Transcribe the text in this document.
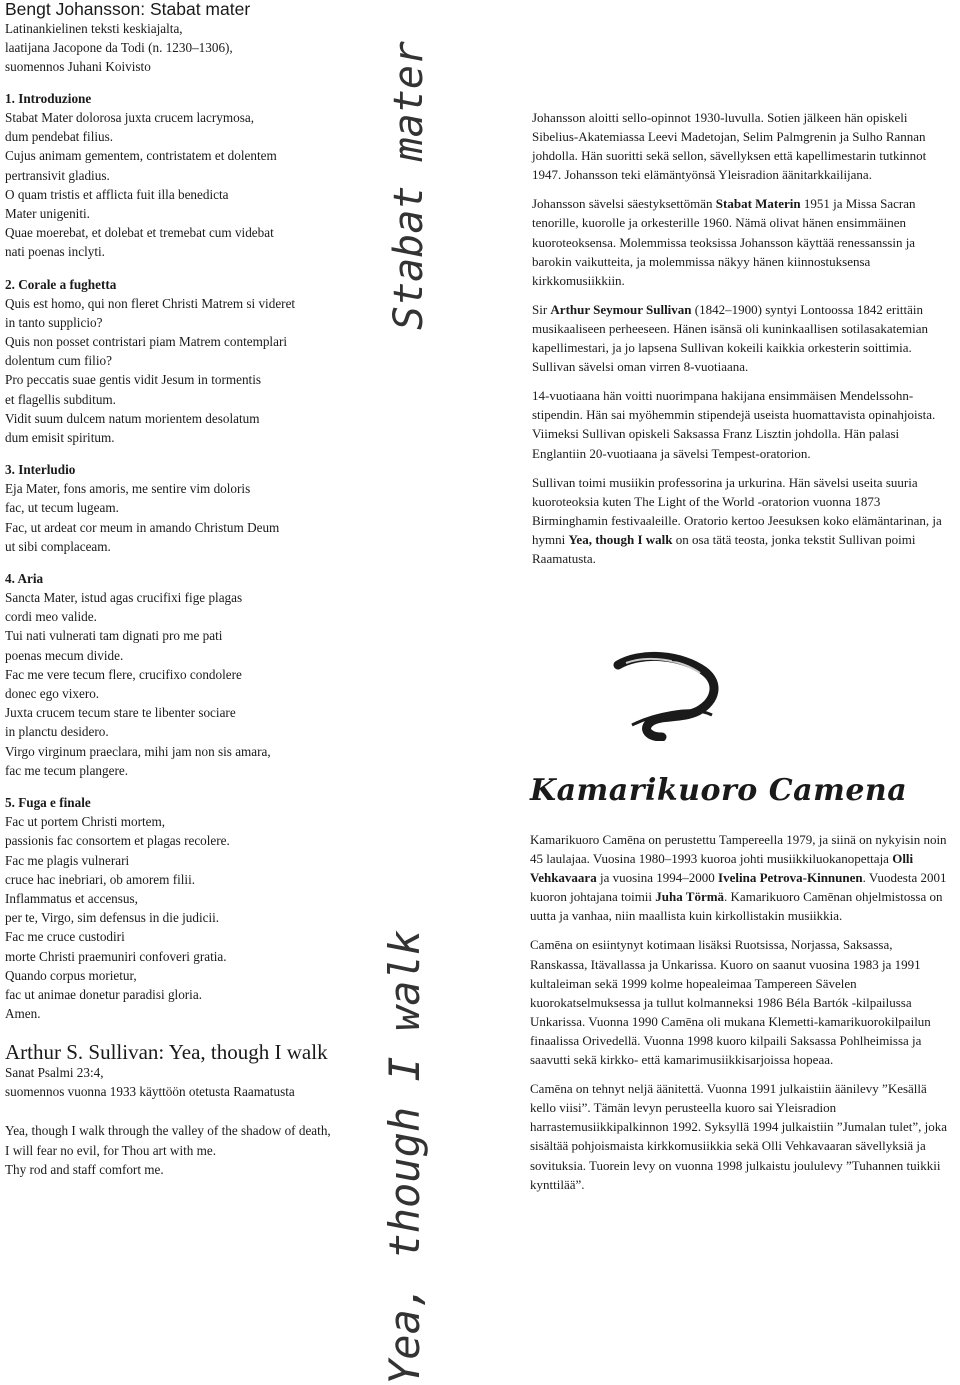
Bengt Johansson: Stabat mater

Latinankielinen teksti keskiajalta,

laatijana Jacopone da Todi (n. 1230–1306),

suomennos Juhani Koivisto

1. Introduzione

Stabat Mater dolorosa juxta crucem lacrymosa,

dum pendebat filius.

Cujus animam gementem, contristatem et dolentem

pertransivit gladius.

O quam tristis et afflicta fuit illa benedicta

Mater unigeniti.

Quae moerebat, et dolebat et tremebat cum videbat

nati poenas inclyti.

2. Corale a fughetta

Quis est homo, qui non fleret Christi Matrem si videret

in tanto supplicio?

Quis non posset contristari piam Matrem contemplari

dolentum cum filio?

Pro peccatis suae gentis vidit Jesum in tormentis

et flagellis subditum.

Vidit suum dulcem natum morientem desolatum

dum emisit spiritum.

3. Interludio

Eja Mater, fons amoris, me sentire vim doloris

fac, ut tecum lugeam.

Fac, ut ardeat cor meum in amando Christum Deum

ut sibi complaceam.

4. Aria

Sancta Mater, istud agas crucifixi fige plagas

cordi meo valide.

Tui nati vulnerati tam dignati pro me pati

poenas mecum divide.

Fac me vere tecum flere, crucifixo condolere

donec ego vixero.

Juxta crucem tecum stare te libenter sociare

in planctu desidero.

Virgo virginum praeclara, mihi jam non sis amara,

fac me tecum plangere.

5. Fuga e finale

Fac ut portem Christi mortem,

passionis fac consortem et plagas recolere.

Fac me plagis vulnerari

cruce hac inebriari, ob amorem filii.

Inflammatus et accensus,

per te, Virgo, sim defensus in die judicii.

Fac me cruce custodiri

morte Christi praemuniri confoveri gratia.

Quando corpus morietur,

fac ut animae donetur paradisi gloria.

Amen.

Arthur S. Sullivan: Yea, though I walk

Sanat Psalmi 23:4,

suomennos vuonna 1933 käyttöön otetusta Raamatusta

Yea, though I walk through the valley of the shadow of death,

I will fear no evil, for Thou art with me.

Thy rod and staff comfort me.

Stabat mater
Yea, though I walk

Johansson aloitti sello-opinnot 1930-luvulla. Sotien jälkeen hän opiskeli Sibelius-Akatemiassa Leevi Madetojan, Selim Palmgrenin ja Sulho Rannan johdolla. Hän suoritti sekä sellon, sävellyksen että kapellimestarin tutkinnot 1947. Johansson teki elämäntyönsä Yleisradion äänitarkkailijana.

Johansson sävelsi säestyksettömän Stabat Materin 1951 ja Missa Sacran tenorille, kuorolle ja orkesterille 1960. Nämä olivat hänen ensimmäinen kuoroteoksensa. Molemmissa teoksissa Johansson käyttää renessanssin ja barokin vaikutteita, ja molemmissa näkyy hänen kiinnostuksensa kirkkomusiikkiin.

Sir Arthur Seymour Sullivan (1842–1900) syntyi Lontoossa 1842 erittäin musikaaliseen perheeseen. Hänen isänsä oli kuninkaallisen sotilasakatemian kapellimestari, ja jo lapsena Sullivan kokeili kaikkia orkesterin soittimia. Sullivan sävelsi oman virren 8-vuotiaana.

14-vuotiaana hän voitti nuorimpana hakijana ensimmäisen Mendelssohn-stipendin. Hän sai myöhemmin stipendejä useista huomattavista opinahjoista. Viimeksi Sullivan opiskeli Saksassa Franz Lisztin johdolla. Hän palasi Englantiin 20-vuotiaana ja sävelsi Tempest-oratorion.

Sullivan toimi musiikin professorina ja urkurina. Hän sävelsi useita suuria kuoroteoksia kuten The Light of the World -oratorion vuonna 1873 Birminghamin festivaaleille. Oratorio kertoo Jeesuksen koko elämäntarinan, ja hymni Yea, though I walk on osa tätä teosta, jonka tekstit Sullivan poimi Raamatusta.

Kamarikuoro Camena

Kamarikuoro Camēna on perustettu Tampereella 1979, ja siinä on nykyisin noin 45 laulajaa. Vuosina 1980–1993 kuoroa johti musiikkiluokanopettaja Olli Vehkavaara ja vuosina 1994–2000 Ivelina Petrova-Kinnunen. Vuodesta 2001 kuoron johtajana toimii Juha Törmä. Kamarikuoro Camēnan ohjelmistossa on uutta ja vanhaa, niin maallista kuin kirkollistakin musiikkia.

Camēna on esiintynyt kotimaan lisäksi Ruotsissa, Norjassa, Saksassa, Ranskassa, Itävallassa ja Unkarissa. Kuoro on saanut vuosina 1983 ja 1991 kultaleiman sekä 1999 kolme hopealeimaa Tampereen Sävelen kuorokatselmuksessa ja tullut kolmanneksi 1986 Béla Bartók -kilpailussa Unkarissa. Vuonna 1990 Camēna oli mukana Klemetti-kamarikuorokilpailun finaalissa Orivedellä. Vuonna 1998 kuoro kilpaili Saksassa Pohlheimissa ja saavutti sekä kirkko- että kamarimusiikkisarjoissa hopeaa.

Camēna on tehnyt neljä äänitettä. Vuonna 1991 julkaistiin äänilevy ”Kesällä kello viisi”. Tämän levyn perusteella kuoro sai Yleisradion harrastemusiikkipalkinnon 1992. Syksyllä 1994 julkaistiin ”Jumalan tulet”, joka sisältää pohjoismaista kirkkomusiikkia sekä Olli Vehkavaaran sävellyksiä ja sovituksia. Tuorein levy on vuonna 1998 julkaistu joululevy ”Tuhannen tuikkii kynttilää”.
